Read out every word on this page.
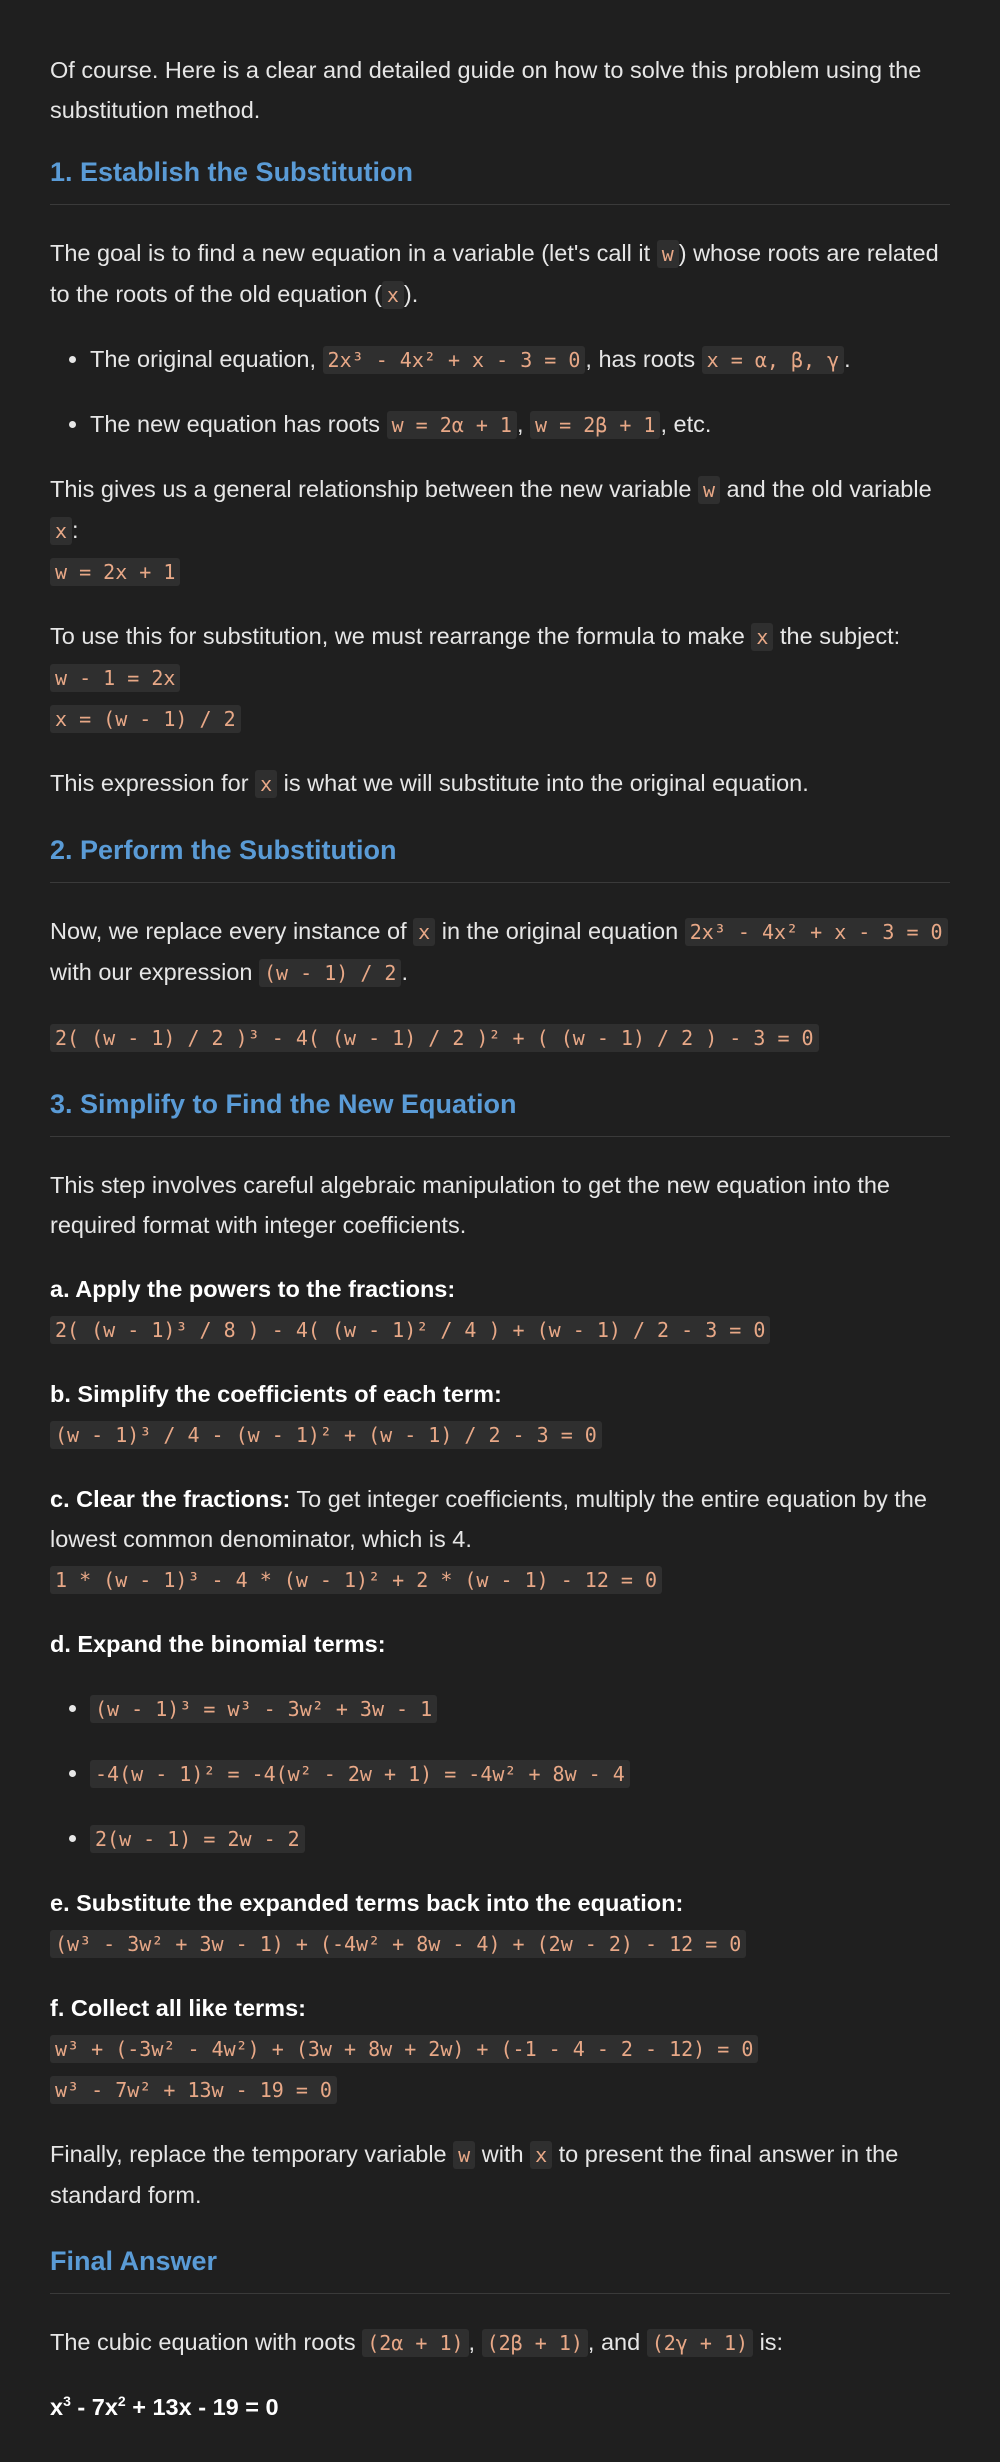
Of course. Here is a clear and detailed guide on how to solve this problem using the substitution method.

1. Establish the Substitution

The goal is to find a new equation in a variable (let's call it w ) whose roots are related to the roots of the old equation ( x ).

• The original equation, 2x³ - 4x² + x - 3 = 0 , has roots x = α, β, γ .
• The new equation has roots w = 2α + 1 , w = 2β + 1 , etc.

This gives us a general relationship between the new variable w and the old variable x :
w = 2x + 1

To use this for substitution, we must rearrange the formula to make x the subject:
w - 1 = 2x
x = (w - 1) / 2

This expression for x is what we will substitute into the original equation.

2. Perform the Substitution

Now, we replace every instance of x in the original equation 2x³ - 4x² + x - 3 = 0 with our expression (w - 1) / 2 .

2( (w - 1) / 2 )³ - 4( (w - 1) / 2 )² + ( (w - 1) / 2 ) - 3 = 0

3. Simplify to Find the New Equation

This step involves careful algebraic manipulation to get the new equation into the required format with integer coefficients.

a. Apply the powers to the fractions:
2( (w - 1)³ / 8 ) - 4( (w - 1)² / 4 ) + (w - 1) / 2 - 3 = 0

b. Simplify the coefficients of each term:
(w - 1)³ / 4 - (w - 1)² + (w - 1) / 2 - 3 = 0

c. Clear the fractions: To get integer coefficients, multiply the entire equation by the lowest common denominator, which is 4.
1 * (w - 1)³ - 4 * (w - 1)² + 2 * (w - 1) - 12 = 0

d. Expand the binomial terms:

• (w - 1)³ = w³ - 3w² + 3w - 1
• -4(w - 1)² = -4(w² - 2w + 1) = -4w² + 8w - 4
• 2(w - 1) = 2w - 2

e. Substitute the expanded terms back into the equation:
(w³ - 3w² + 3w - 1) + (-4w² + 8w - 4) + (2w - 2) - 12 = 0

f. Collect all like terms:
w³ + (-3w² - 4w²) + (3w + 8w + 2w) + (-1 - 4 - 2 - 12) = 0
w³ - 7w² + 13w - 19 = 0

Finally, replace the temporary variable w with x to present the final answer in the standard form.

Final Answer

The cubic equation with roots (2α + 1) , (2β + 1) , and (2γ + 1) is:

$x^3 - 7x^2 + 13x - 19 = 0$
